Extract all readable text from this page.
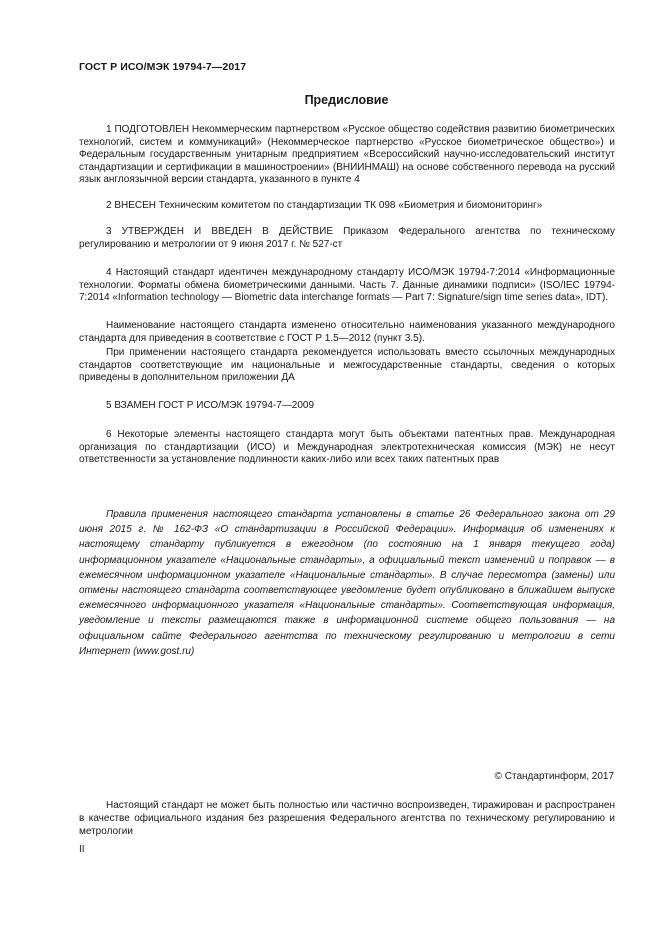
ГОСТ Р ИСО/МЭК 19794-7—2017
Предисловие

1 ПОДГОТОВЛЕН Некоммерческим партнерством «Русское общество содействия развитию биометрических технологий, систем и коммуникаций» (Некоммерческое партнерство «Русское биометрическое общество») и Федеральным государственным унитарным предприятием «Всероссийский научно-исследовательский институт стандартизации и сертификации в машиностроении» (ВНИИНМАШ) на основе собственного перевода на русский язык англоязычной версии стандарта, указанного в пункте 4

2 ВНЕСЕН Техническим комитетом по стандартизации ТК 098 «Биометрия и биомониторинг»

3 УТВЕРЖДЕН И ВВЕДЕН В ДЕЙСТВИЕ Приказом Федерального агентства по техническому регулированию и метрологии от 9 июня 2017 г. № 527-ст

4 Настоящий стандарт идентичен международному стандарту ИСО/МЭК 19794-7:2014 «Информационные технологии. Форматы обмена биометрическими данными. Часть 7. Данные динамики подписи» (ISO/IEC 19794-7:2014 «Information technology — Biometric data interchange formats — Part 7: Signature/sign time series data», IDT).

Наименование настоящего стандарта изменено относительно наименования указанного международного стандарта для приведения в соответствие с ГОСТ Р 1.5—2012 (пункт 3.5).

При применении настоящего стандарта рекомендуется использовать вместо ссылочных международных стандартов соответствующие им национальные и межгосударственные стандарты, сведения о которых приведены в дополнительном приложении ДА

5 ВЗАМЕН ГОСТ Р ИСО/МЭК 19794-7—2009

6 Некоторые элементы настоящего стандарта могут быть объектами патентных прав. Международная организация по стандартизации (ИСО) и Международная электротехническая комиссия (МЭК) не несут ответственности за установление подлинности каких-либо или всех таких патентных прав

Правила применения настоящего стандарта установлены в статье 26 Федерального закона от 29 июня 2015 г. № 162-ФЗ «О стандартизации в Российской Федерации». Информация об изменениях к настоящему стандарту публикуется в ежегодном (по состоянию на 1 января текущего года) информационном указателе «Национальные стандарты», а официальный текст изменений и поправок — в ежемесячном информационном указателе «Национальные стандарты». В случае пересмотра (замены) или отмены настоящего стандарта соответствующее уведомление будет опубликовано в ближайшем выпуске ежемесячного информационного указателя «Национальные стандарты». Соответствующая информация, уведомление и тексты размещаются также в информационной системе общего пользования — на официальном сайте Федерального агентства по техническому регулированию и метрологии в сети Интернет (www.gost.ru)

© Стандартинформ, 2017

Настоящий стандарт не может быть полностью или частично воспроизведен, тиражирован и распространен в качестве официального издания без разрешения Федерального агентства по техническому регулированию и метрологии

II
